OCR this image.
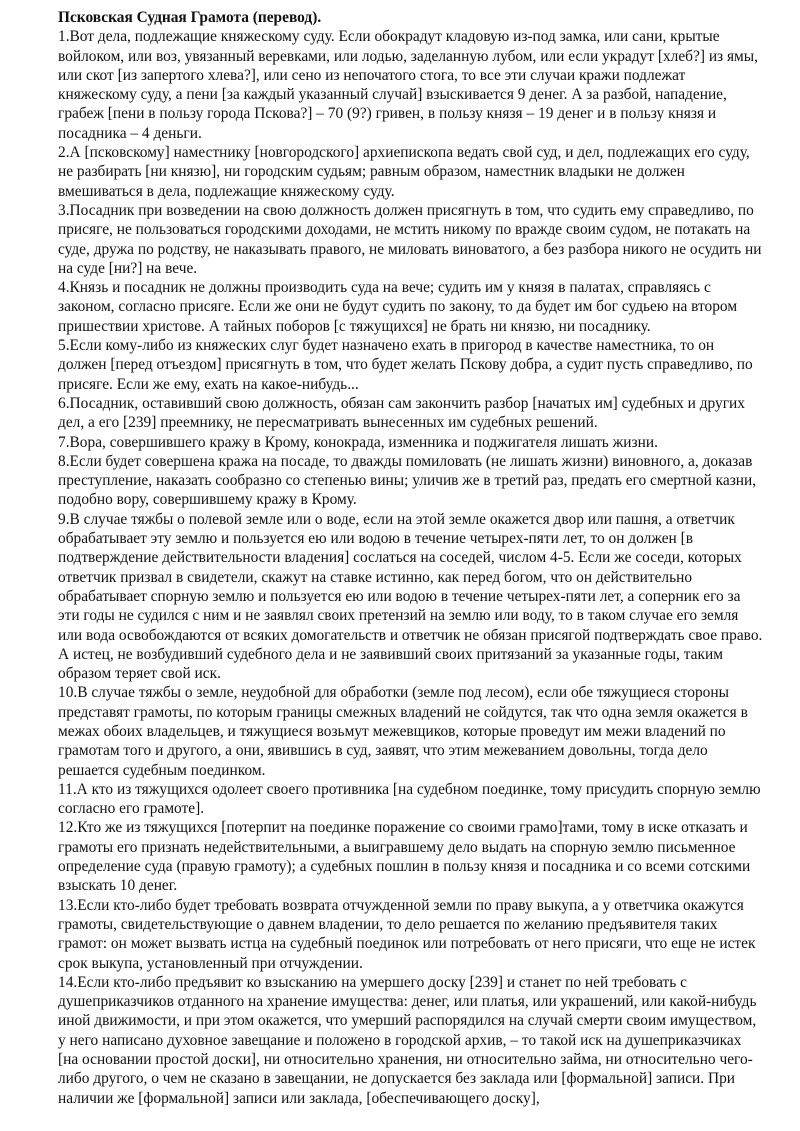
Псковская Судная Грамота (перевод).

1.Вот дела, подлежащие княжескому суду. Если обокрадут кладовую из-под замка, или сани, крытые войлоком, или воз, увязанный веревками, или лодью, заделанную лубом, или если украдут [хлеб?] из ямы, или скот [из запертого хлева?], или сено из непочатого стога, то все эти случаи кражи подлежат княжескому суду, а пени [за каждый указанный случай] взыскивается 9 денег. А за разбой, нападение, грабеж [пени в пользу города Пскова?] – 70 (9?) гривен, в пользу князя – 19 денег и в пользу князя и посадника – 4 деньги.

2.А [псковскому] наместнику [новгородского] архиепископа ведать свой суд, и дел, подлежащих его суду, не разбирать [ни князю], ни городским судьям; равным образом, наместник владыки не должен вмешиваться в дела, подлежащие княжескому суду.

3.Посадник при возведении на свою должность должен присягнуть в том, что судить ему справедливо, по присяге, не пользоваться городскими доходами, не мстить никому по вражде своим судом, не потакать на суде, дружа по родству, не наказывать правого, не миловать виноватого, а без разбора никого не осудить ни на суде [ни?] на вече.

4.Князь и посадник не должны производить суда на вече; судить им у князя в палатах, справляясь с законом, согласно присяге. Если же они не будут судить по закону, то да будет им бог судьею на втором пришествии христове. А тайных поборов [с тяжущихся] не брать ни князю, ни посаднику.

5.Если кому-либо из княжеских слуг будет назначено ехать в пригород в качестве наместника, то он должен [перед отъездом] присягнуть в том, что будет желать Пскову добра, а судит пусть справедливо, по присяге. Если же ему, ехать на какое-нибудь...

6.Посадник, оставивший свою должность, обязан сам закончить разбор [начатых им] судебных и других дел, а его [239] преемнику, не пересматривать вынесенных им судебных решений.

7.Вора, совершившего кражу в Крому, конокрада, изменника и поджигателя лишать жизни.

8.Если будет совершена кража на посаде, то дважды помиловать (не лишать жизни) виновного, а, доказав преступление, наказать сообразно со степенью вины; уличив же в третий раз, предать его смертной казни, подобно вору, совершившему кражу в Крому.

9.В случае тяжбы о полевой земле или о воде, если на этой земле окажется двор или пашня, а ответчик обрабатывает эту землю и пользуется ею или водою в течение четырех-пяти лет, то он должен [в подтверждение действительности владения] сослаться на соседей, числом 4-5. Если же соседи, которых ответчик призвал в свидетели, скажут на ставке истинно, как перед богом, что он действительно обрабатывает спорную землю и пользуется ею или водою в течение четырех-пяти лет, а соперник его за эти годы не судился с ним и не заявлял своих претензий на землю или воду, то в таком случае его земля или вода освобождаются от всяких домогательств и ответчик не обязан присягой подтверждать свое право. А истец, не возбудивший судебного дела и не заявивший своих притязаний за указанные годы, таким образом теряет свой иск.

10.В случае тяжбы о земле, неудобной для обработки (земле под лесом), если обе тяжущиеся стороны представят грамоты, по которым границы смежных владений не сойдутся, так что одна земля окажется в межах обоих владельцев, и тяжущиеся возьмут межевщиков, которые проведут им межи владений по грамотам того и другого, а они, явившись в суд, заявят, что этим межеванием довольны, тогда дело решается судебным поединком.

11.А кто из тяжущихся одолеет своего противника [на судебном поединке, тому присудить спорную землю согласно его грамоте].

12.Кто же из тяжущихся [потерпит на поединке поражение со своими грамо]тами, тому в иске отказать и грамоты его признать недействительными, а выигравшему дело выдать на спорную землю письменное определение суда (правую грамоту); а судебных пошлин в пользу князя и посадника и со всеми сотскими взыскать 10 денег.

13.Если кто-либо будет требовать возврата отчужденной земли по праву выкупа, а у ответчика окажутся грамоты, свидетельствующие о давнем владении, то дело решается по желанию предъявителя таких грамот: он может вызвать истца на судебный поединок или потребовать от него присяги, что еще не истек срок выкупа, установленный при отчуждении.

14.Если кто-либо предъявит ко взысканию на умершего доску [239] и станет по ней требовать с душеприказчиков отданного на хранение имущества: денег, или платья, или украшений, или какой-нибудь иной движимости, и при этом окажется, что умерший распорядился на случай смерти своим имуществом, у него написано духовное завещание и положено в городской архив, – то такой иск на душеприказчиках [на основании простой доски], ни относительно хранения, ни относительно займа, ни относительно чего-либо другого, о чем не сказано в завещании, не допускается без заклада или [формальной] записи. При наличии же [формальной] записи или заклада, [обеспечивающего доску],
